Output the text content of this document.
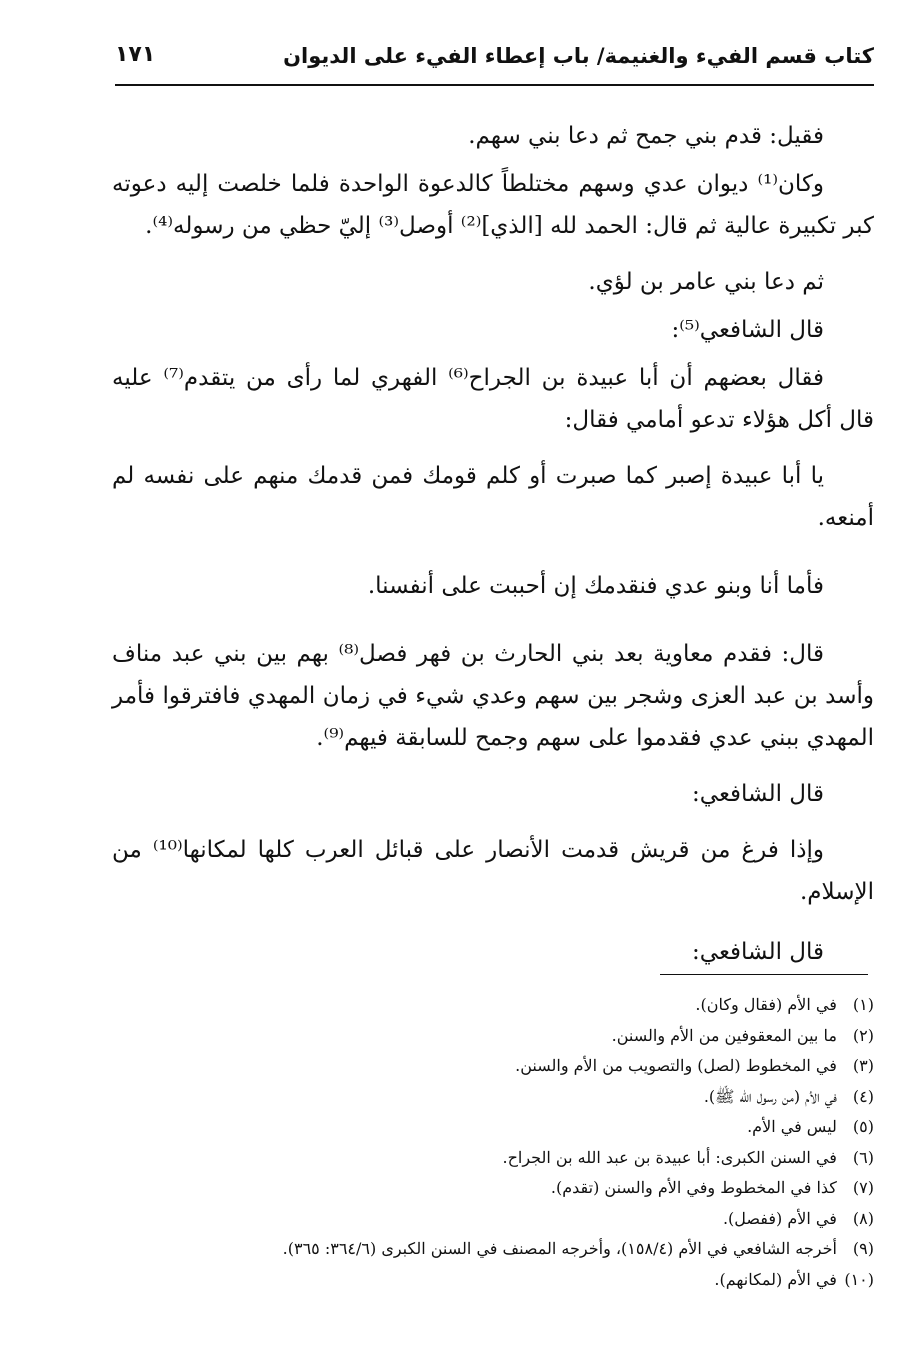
كتاب قسم الفيء والغنيمة/ باب إعطاء الفيء على الديوان
١٧١

فقيل: قدم بني جمح ثم دعا بني سهم.

وكان⁽¹⁾ ديوان عدي وسهم مختلطاً كالدعوة الواحدة فلما خلصت إليه دعوته كبر تكبيرة عالية ثم قال: الحمد لله [الذي]⁽²⁾ أوصل⁽³⁾ إليّ حظي من رسوله⁽⁴⁾.

ثم دعا بني عامر بن لؤي.

قال الشافعي⁽⁵⁾:

فقال بعضهم أن أبا عبيدة بن الجراح⁽⁶⁾ الفهري لما رأى من يتقدم⁽⁷⁾ عليه قال أكل هؤلاء تدعو أمامي فقال:

يا أبا عبيدة إصبر كما صبرت أو كلم قومك فمن قدمك منهم على نفسه لم أمنعه.

فأما أنا وبنو عدي فنقدمك إن أحببت على أنفسنا.

قال: فقدم معاوية بعد بني الحارث بن فهر فصل⁽⁸⁾ بهم بين بني عبد مناف وأسد بن عبد العزى وشجر بين سهم وعدي شيء في زمان المهدي فافترقوا فأمر المهدي ببني عدي فقدموا على سهم وجمح للسابقة فيهم⁽⁹⁾.

قال الشافعي:

وإذا فرغ من قريش قدمت الأنصار على قبائل العرب كلها لمكانها⁽¹⁰⁾ من الإسلام.

قال الشافعي:

(١) في الأم (فقال وكان).
(٢) ما بين المعقوفين من الأم والسنن.
(٣) في المخطوط (لصل) والتصويب من الأم والسنن.
(٤) في الأم (من رسول الله ﷺ).
(٥) ليس في الأم.
(٦) في السنن الكبرى: أبا عبيدة بن عبد الله بن الجراح.
(٧) كذا في المخطوط وفي الأم والسنن (تقدم).
(٨) في الأم (ففصل).
(٩) أخرجه الشافعي في الأم (١٥٨/٤)، وأخرجه المصنف في السنن الكبرى (٣٦٤/٦: ٣٦٥).
(١٠) في الأم (لمكانهم).
